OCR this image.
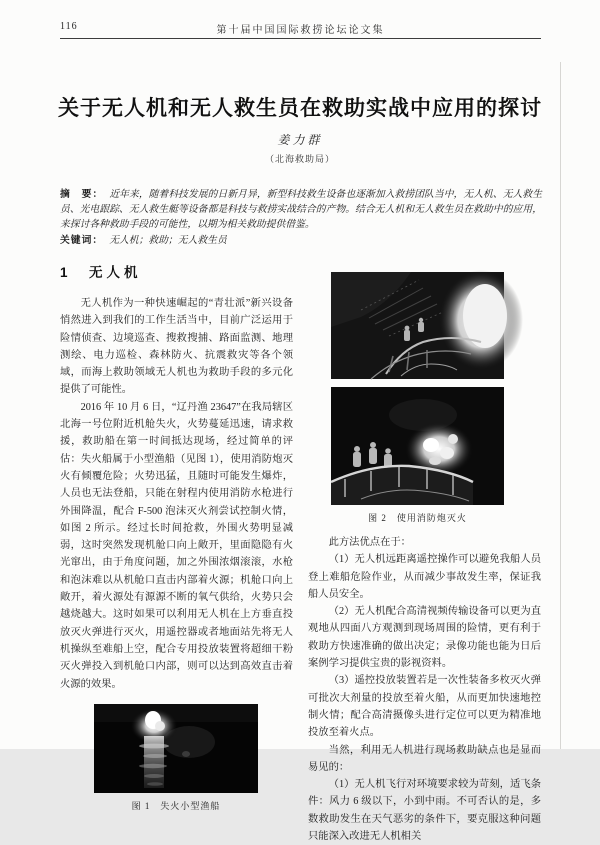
116	第十届中国国际救捞论坛论文集
关于无人机和无人救生员在救助实战中应用的探讨
姜力群
（北海救助局）

摘　要： 近年来，随着科技发展的日新月异，新型科技救生设备也逐渐加入救捞团队当中，无人机、无人救生员、光电跟踪、无人救生艇等设备都是科技与救捞实战结合的产物。结合无人机和无人救生员在救助中的应用，来探讨各种救助手段的可能性，以期为相关救助提供借鉴。

关键词： 无人机；救助；无人救生员

1　无人机

无人机作为一种快速崛起的“青壮派”新兴设备悄然进入到我们的工作生活当中，目前广泛运用于险情侦查、边境巡查、搜救搜捕、路面监测、地理测绘、电力巡检、森林防火、抗震救灾等各个领域，而海上救助领域无人机也为救助手段的多元化提供了可能性。

2016 年 10 月 6 日，“辽丹渔 23647”在我局辖区北海一号位附近机舱失火，火势蔓延迅速，请求救援，救助船在第一时间抵达现场，经过简单的评估：失火船属于小型渔船（见图 1），使用消防炮灭火有倾覆危险；火势迅猛，且随时可能发生爆炸，人员也无法登船，只能在射程内使用消防水枪进行外围降温，配合 F-500 泡沫灭火剂尝试控制火情，如图 2 所示。经过长时间抢救，外围火势明显减弱，这时突然发现机舱口向上敞开，里面隐隐有火光窜出，由于角度问题，加之外围浓烟滚滚，水枪和泡沫难以从机舱口直击内部着火源；机舱口向上敞开，着火源处有源源不断的氧气供给，火势只会越烧越大。这时如果可以利用无人机在上方垂直投放灭火弹进行灭火，用遥控器或者地面站先将无人机操纵至难船上空，配合专用投放装置将超细干粉灭火弹投入到机舱口内部，则可以达到高效直击着火源的效果。

图 1　失火小型渔船
图 2　使用消防炮灭火

此方法优点在于：

（1）无人机远距离遥控操作可以避免我船人员登上难船危险作业，从而减少事故发生率，保证我船人员安全。

（2）无人机配合高清视频传输设备可以更为直观地从四面八方观测到现场周围的险情，更有利于救助方快速准确的做出决定；录像功能也能为日后案例学习提供宝贵的影视资料。

（3）遥控投放装置若是一次性装备多枚灭火弹可批次大剂量的投放至着火船，从而更加快速地控制火情；配合高清摄像头进行定位可以更为精准地投放至着火点。

当然，利用无人机进行现场救助缺点也是显而易见的：

（1）无人机飞行对环境要求较为苛刻，适飞条件：风力 6 级以下，小到中雨。不可否认的是，多数救助发生在天气恶劣的条件下，要克服这种问题只能深入改进无人机相关
